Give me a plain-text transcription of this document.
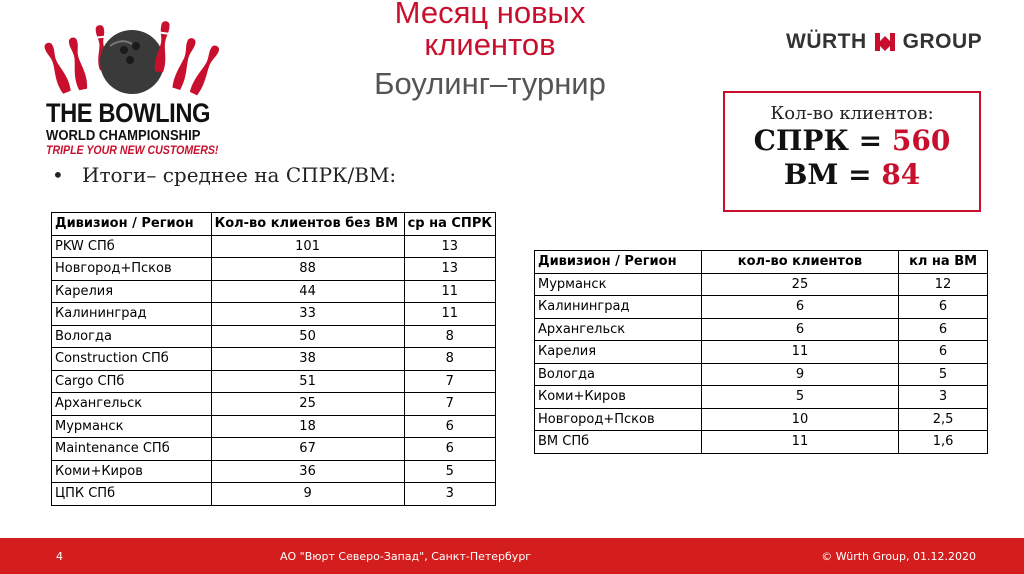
THE BOWLING
WORLD CHAMPIONSHIP
TRIPLE YOUR NEW CUSTOMERS!
Месяц новых
клиентов
Боулинг–турнир
WÜRTH GROUP
• Итоги– среднее на СПРК/ВМ:
Кол-во клиентов:
СПРК = 560
ВМ = 84
Дивизион / Регион	Кол-во клиентов без ВМ	ср на СПРК
PKW СПб	101	13
Новгород+Псков	88	13
Карелия	44	11
Калининград	33	11
Вологда	50	8
Construction СПб	38	8
Cargo СПб	51	7
Архангельск	25	7
Мурманск	18	6
Maintenance СПб	67	6
Коми+Киров	36	5
ЦПК СПб	9	3
Дивизион / Регион	кол-во клиентов	кл на ВМ
Мурманск	25	12
Калининград	6	6
Архангельск	6	6
Карелия	11	6
Вологда	9	5
Коми+Киров	5	3
Новгород+Псков	10	2,5
ВМ СПб	11	1,6
4	АО "Вюрт Северо-Запад", Санкт-Петербург	© Würth Group, 01.12.2020
